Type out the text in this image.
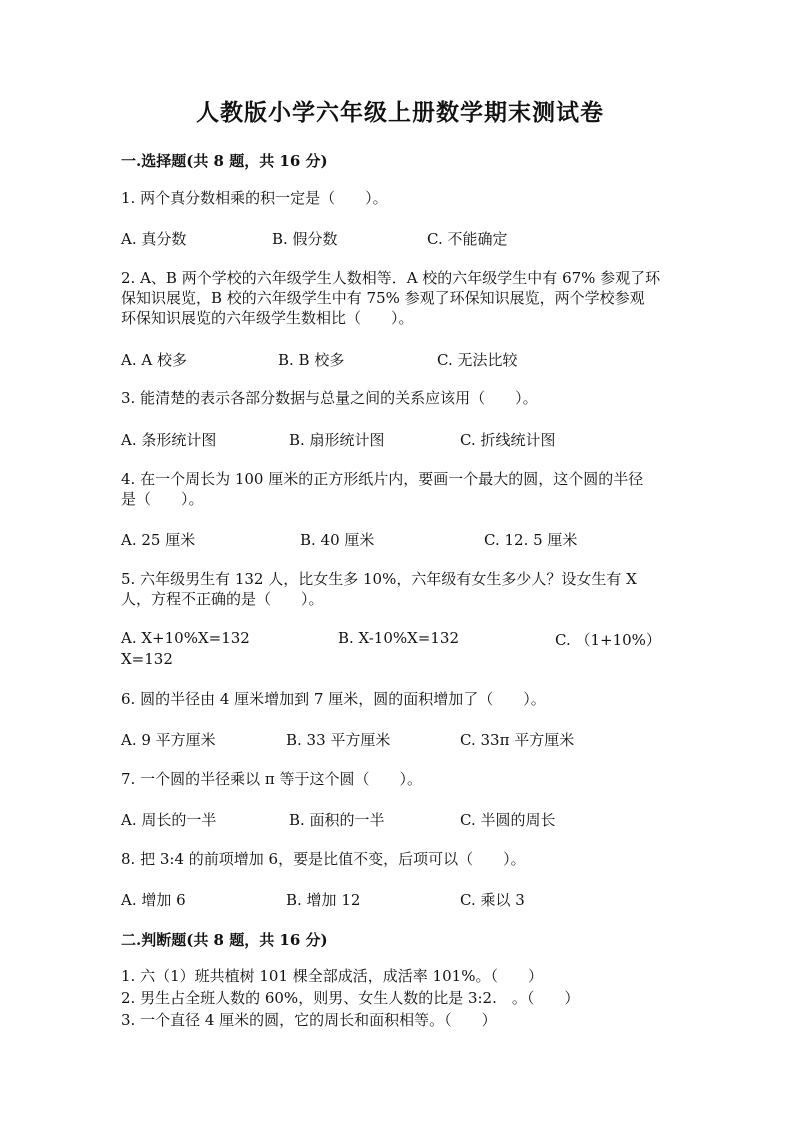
人教版小学六年级上册数学期末测试卷
一.选择题(共 8 题，共 16 分)
1. 两个真分数相乘的积一定是（　　）。
A. 真分数	B. 假分数	C. 不能确定
2. A、B 两个学校的六年级学生人数相等．A 校的六年级学生中有 67% 参观了环
保知识展览，B 校的六年级学生中有 75% 参观了环保知识展览，两个学校参观
环保知识展览的六年级学生数相比（　　）。
A. A 校多	B. B 校多	C. 无法比较
3. 能清楚的表示各部分数据与总量之间的关系应该用（　　）。
A. 条形统计图	B. 扇形统计图	C. 折线统计图
4. 在一个周长为 100 厘米的正方形纸片内，要画一个最大的圆，这个圆的半径
是（　　）。
A. 25 厘米	B. 40 厘米	C. 12. 5 厘米
5. 六年级男生有 132 人，比女生多 10%，六年级有女生多少人？设女生有 X
人，方程不正确的是（　　）。
A. X+10%X=132	B. X-10%X=132	C. （1+10%）
X=132
6. 圆的半径由 4 厘米增加到 7 厘米，圆的面积增加了（　　）。
A. 9 平方厘米	B. 33 平方厘米	C. 33π 平方厘米
7. 一个圆的半径乘以 π 等于这个圆（　　）。
A. 周长的一半	B. 面积的一半	C. 半圆的周长
8. 把 3:4 的前项增加 6，要是比值不变，后项可以（　　）。
A. 增加 6	B. 增加 12	C. 乘以 3
二.判断题(共 8 题，共 16 分)
1. 六（1）班共植树 101 棵全部成活，成活率 101%。（　　）
2. 男生占全班人数的 60%，则男、女生人数的比是 3:2.　。（　　）
3. 一个直径 4 厘米的圆，它的周长和面积相等。（　　）
